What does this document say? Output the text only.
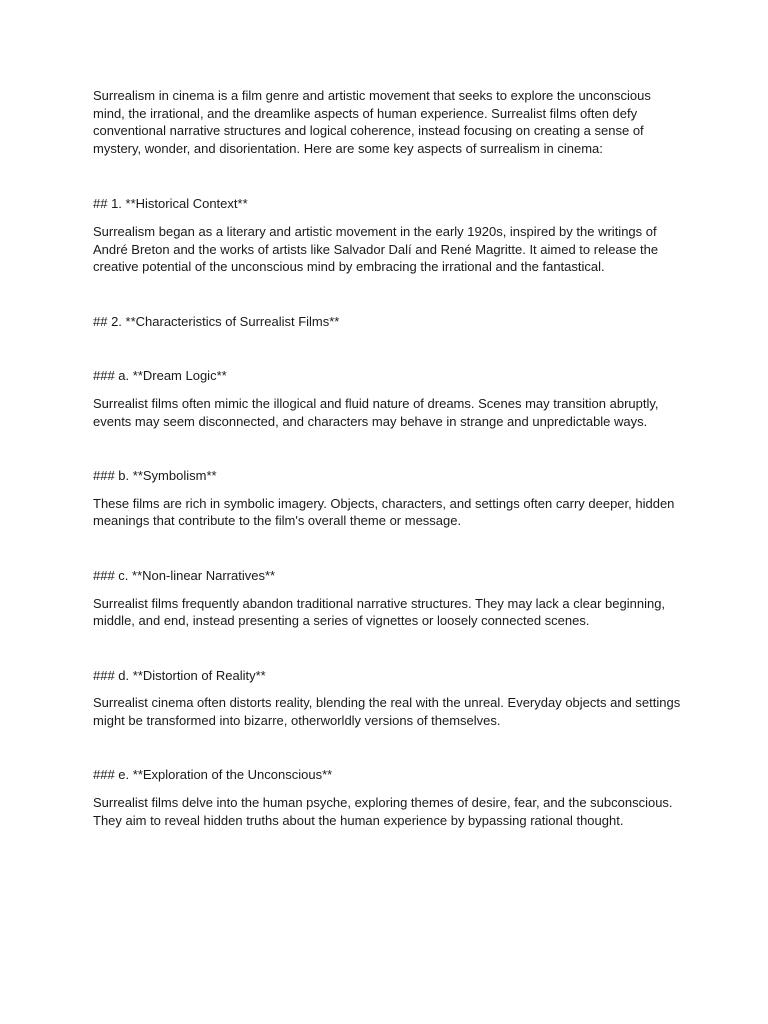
Surrealism in cinema is a film genre and artistic movement that seeks to explore the unconscious mind, the irrational, and the dreamlike aspects of human experience. Surrealist films often defy conventional narrative structures and logical coherence, instead focusing on creating a sense of mystery, wonder, and disorientation. Here are some key aspects of surrealism in cinema:

## 1. **Historical Context**

Surrealism began as a literary and artistic movement in the early 1920s, inspired by the writings of André Breton and the works of artists like Salvador Dalí and René Magritte. It aimed to release the creative potential of the unconscious mind by embracing the irrational and the fantastical.

## 2. **Characteristics of Surrealist Films**

### a. **Dream Logic**

Surrealist films often mimic the illogical and fluid nature of dreams. Scenes may transition abruptly, events may seem disconnected, and characters may behave in strange and unpredictable ways.

### b. **Symbolism**

These films are rich in symbolic imagery. Objects, characters, and settings often carry deeper, hidden meanings that contribute to the film's overall theme or message.

### c. **Non-linear Narratives**

Surrealist films frequently abandon traditional narrative structures. They may lack a clear beginning, middle, and end, instead presenting a series of vignettes or loosely connected scenes.

### d. **Distortion of Reality**

Surrealist cinema often distorts reality, blending the real with the unreal. Everyday objects and settings might be transformed into bizarre, otherworldly versions of themselves.

### e. **Exploration of the Unconscious**

Surrealist films delve into the human psyche, exploring themes of desire, fear, and the subconscious. They aim to reveal hidden truths about the human experience by bypassing rational thought.
